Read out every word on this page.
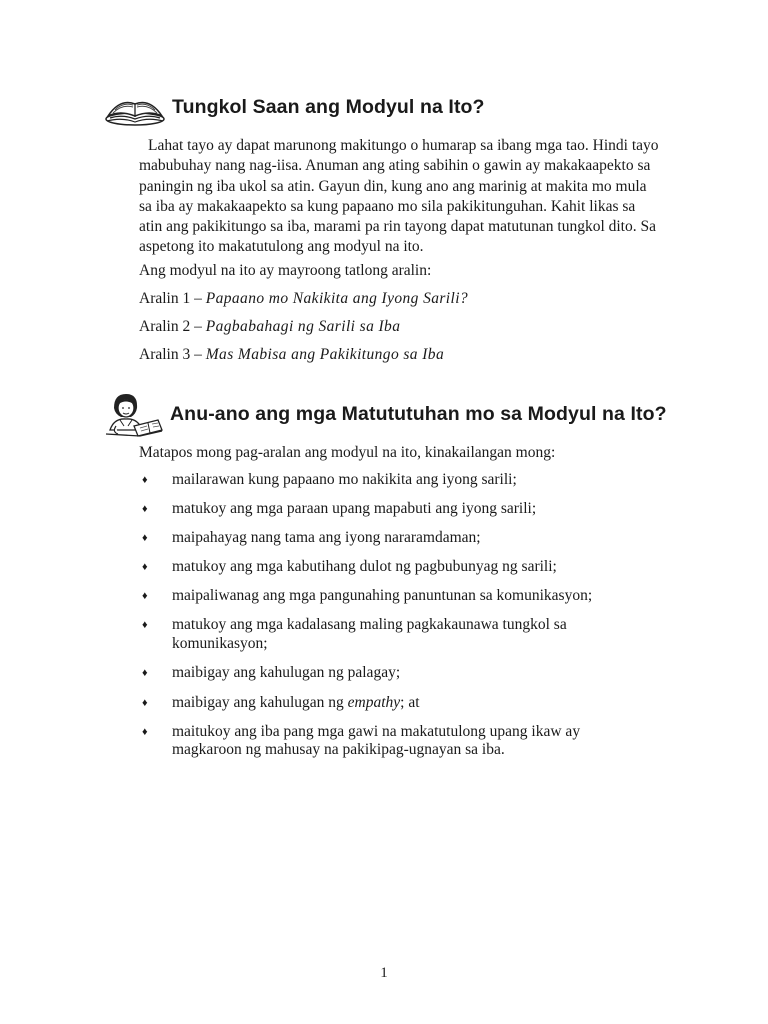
Tungkol Saan ang Modyul na Ito?

Lahat tayo ay dapat marunong makitungo o humarap sa ibang mga tao. Hindi tayo mabubuhay nang nag-iisa. Anuman ang ating sabihin o gawin ay makakaapekto sa paningin ng iba ukol sa atin. Gayun din, kung ano ang marinig at makita mo mula sa iba ay makakaapekto sa kung papaano mo sila pakikitunguhan. Kahit likas sa atin ang pakikitungo sa iba, marami pa rin tayong dapat matutunan tungkol dito. Sa aspetong ito makatutulong ang modyul na ito.

Ang modyul na ito ay mayroong tatlong aralin:

Aralin 1 – Papaano mo Nakikita ang Iyong Sarili?

Aralin 2 – Pagbabahagi ng Sarili sa Iba

Aralin 3 – Mas Mabisa ang Pakikitungo sa Iba

Anu-ano ang mga Matututuhan mo sa Modyul na Ito?

Matapos mong pag-aralan ang modyul na ito, kinakailangan mong:

♦ mailarawan kung papaano mo nakikita ang iyong sarili;
♦ matukoy ang mga paraan upang mapabuti ang iyong sarili;
♦ maipahayag nang tama ang iyong nararamdaman;
♦ matukoy ang mga kabutihang dulot ng pagbubunyag ng sarili;
♦ maipaliwanag ang mga pangunahing panuntunan sa komunikasyon;
♦ matukoy ang mga kadalasang maling pagkakaunawa tungkol sa komunikasyon;
♦ maibigay ang kahulugan ng palagay;
♦ maibigay ang kahulugan ng empathy; at
♦ maitukoy ang iba pang mga gawi na makatutulong upang ikaw ay magkaroon ng mahusay na pakikipag-ugnayan sa iba.
1
